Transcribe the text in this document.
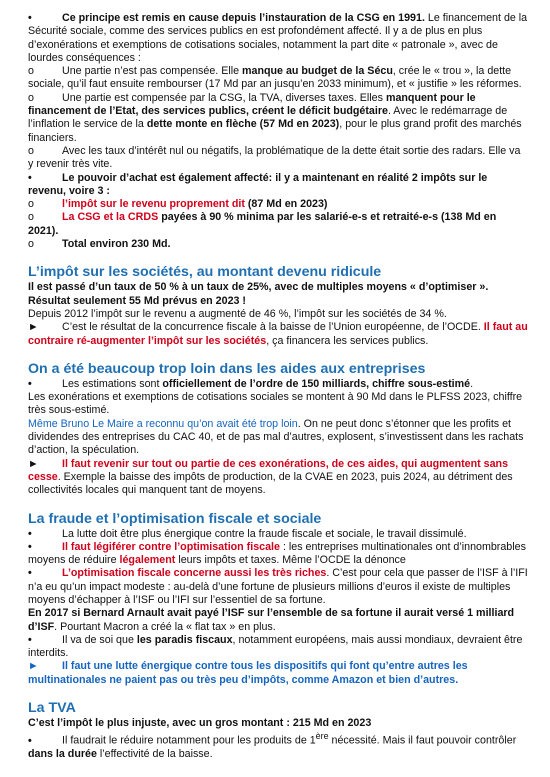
•	Ce principe est remis en cause depuis l’instauration de la CSG en 1991. Le financement de la Sécurité sociale, comme des services publics en est profondément affecté. Il y a de plus en plus d’exonérations et exemptions de cotisations sociales, notamment la part dite « patronale », avec de lourdes conséquences :

o	Une partie n’est pas compensée. Elle manque au budget de la Sécu, crée le « trou », la dette sociale, qu’il faut ensuite rembourser (17 Md par an jusqu’en 2033 minimum), et « justifie » les réformes.

o	Une partie est compensée par la CSG, la TVA, diverses taxes. Elles manquent pour le financement de l’Etat, des services publics, créent le déficit budgétaire. Avec le redémarrage de l’inflation le service de la dette monte en flèche (57 Md en 2023), pour le plus grand profit des marchés financiers.

o	Avec les taux d’intérêt nul ou négatifs, la problématique de la dette était sortie des radars. Elle va y revenir très vite.

•	Le pouvoir d’achat est également affecté: il y a maintenant en réalité 2 impôts sur le revenu, voire 3 :

o	l’impôt sur le revenu proprement dit (87 Md en 2023)

o	La CSG et la CRDS payées à 90 % minima par les salarié-e-s et retraité-e-s (138 Md en 2021).

o	Total environ 230 Md.

L’impôt sur les sociétés, au montant devenu ridicule

Il est passé d’un taux de 50 % à un taux de 25%, avec de multiples moyens « d’optimiser ». Résultat seulement 55 Md prévus en 2023 !

Depuis 2012 l’impôt sur le revenu a augmenté de 46 %, l’impôt sur les sociétés de 34 %.

► C’est le résultat de la concurrence fiscale à la baisse de l’Union européenne, de l’OCDE. Il faut au contraire ré-augmenter l’impôt sur les sociétés, ça financera les services publics.

On a été beaucoup trop loin dans les aides aux entreprises

•	Les estimations sont officiellement de l’ordre de 150 milliards, chiffre sous-estimé.

Les exonérations et exemptions de cotisations sociales se montent à 90 Md dans le PLFSS 2023, chiffre très sous-estimé.

Même Bruno Le Maire a reconnu qu’on avait été trop loin. On ne peut donc s’étonner que les profits et dividendes des entreprises du CAC 40, et de pas mal d’autres, explosent, s’investissent dans les rachats d’action, la spéculation.

► Il faut revenir sur tout ou partie de ces exonérations, de ces aides, qui augmentent sans cesse. Exemple la baisse des impôts de production, de la CVAE en 2023, puis 2024, au détriment des collectivités locales qui manquent tant de moyens.

La fraude et l’optimisation fiscale et sociale

•	La lutte doit être plus énergique contre la fraude fiscale et sociale, le travail dissimulé.

•	Il faut légiférer contre l’optimisation fiscale : les entreprises multinationales ont d’innombrables moyens de réduire légalement leurs impôts et taxes. Même l’OCDE la dénonce

•	L’optimisation fiscale concerne aussi les très riches. C’est pour cela que passer de l’ISF à l’IFI n’a eu qu’un impact modeste : au-delà d’une fortune de plusieurs millions d’euros il existe de multiples moyens d’échapper à l’ISF ou l’IFI sur l’essentiel de sa fortune.

En 2017 si Bernard Arnault avait payé l’ISF sur l’ensemble de sa fortune il aurait versé 1 milliard d’ISF. Pourtant Macron a créé la « flat tax » en plus.

•	Il va de soi que les paradis fiscaux, notamment européens, mais aussi mondiaux, devraient être interdits.

► Il faut une lutte énergique contre tous les dispositifs qui font qu’entre autres les multinationales ne paient pas ou très peu d’impôts, comme Amazon et bien d’autres.

La TVA

C’est l’impôt le plus injuste, avec un gros montant : 215 Md en 2023

•	Il faudrait le réduire notamment pour les produits de 1ère nécessité. Mais il faut pouvoir contrôler dans la durée l’effectivité de la baisse.
